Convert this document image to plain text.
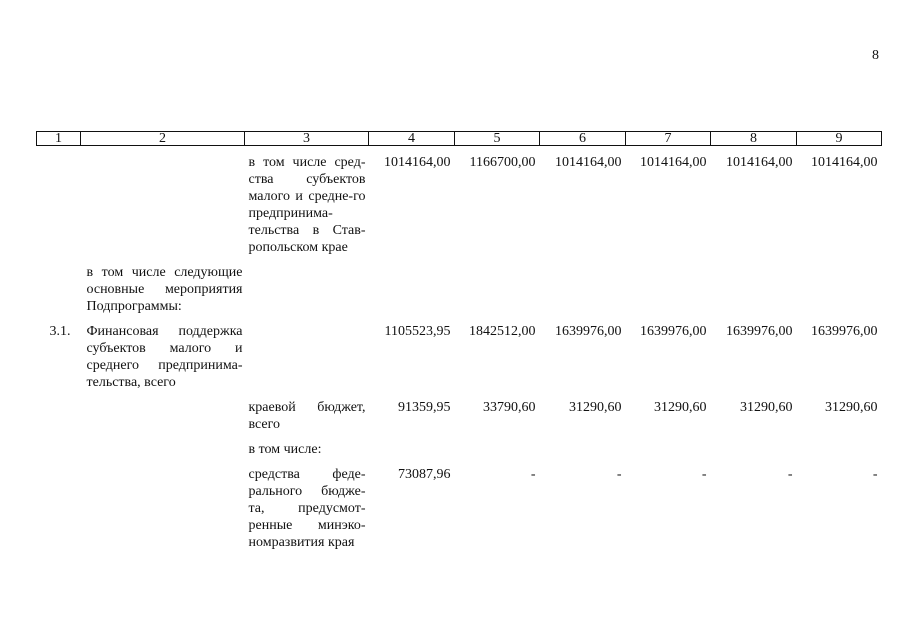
8
1	2	3	4	5	6	7	8	9

		в том числе сред-ства субъектов малого и средне-го предпринима-тельства в Став-ропольском крае	1014164,00	1166700,00	1014164,00	1014164,00	1014164,00	1014164,00

	в том числе следующие основные мероприятия Подпрограммы:							

3.1.	Финансовая поддержка субъектов малого и среднего предпринима-тельства, всего		1105523,95	1842512,00	1639976,00	1639976,00	1639976,00	1639976,00

		краевой бюджет, всего	91359,95	33790,60	31290,60	31290,60	31290,60	31290,60

		в том числе:						

		средства феде-рального бюдже-та, предусмот-ренные минэко-номразвития края	73087,96	-	-	-	-	-
